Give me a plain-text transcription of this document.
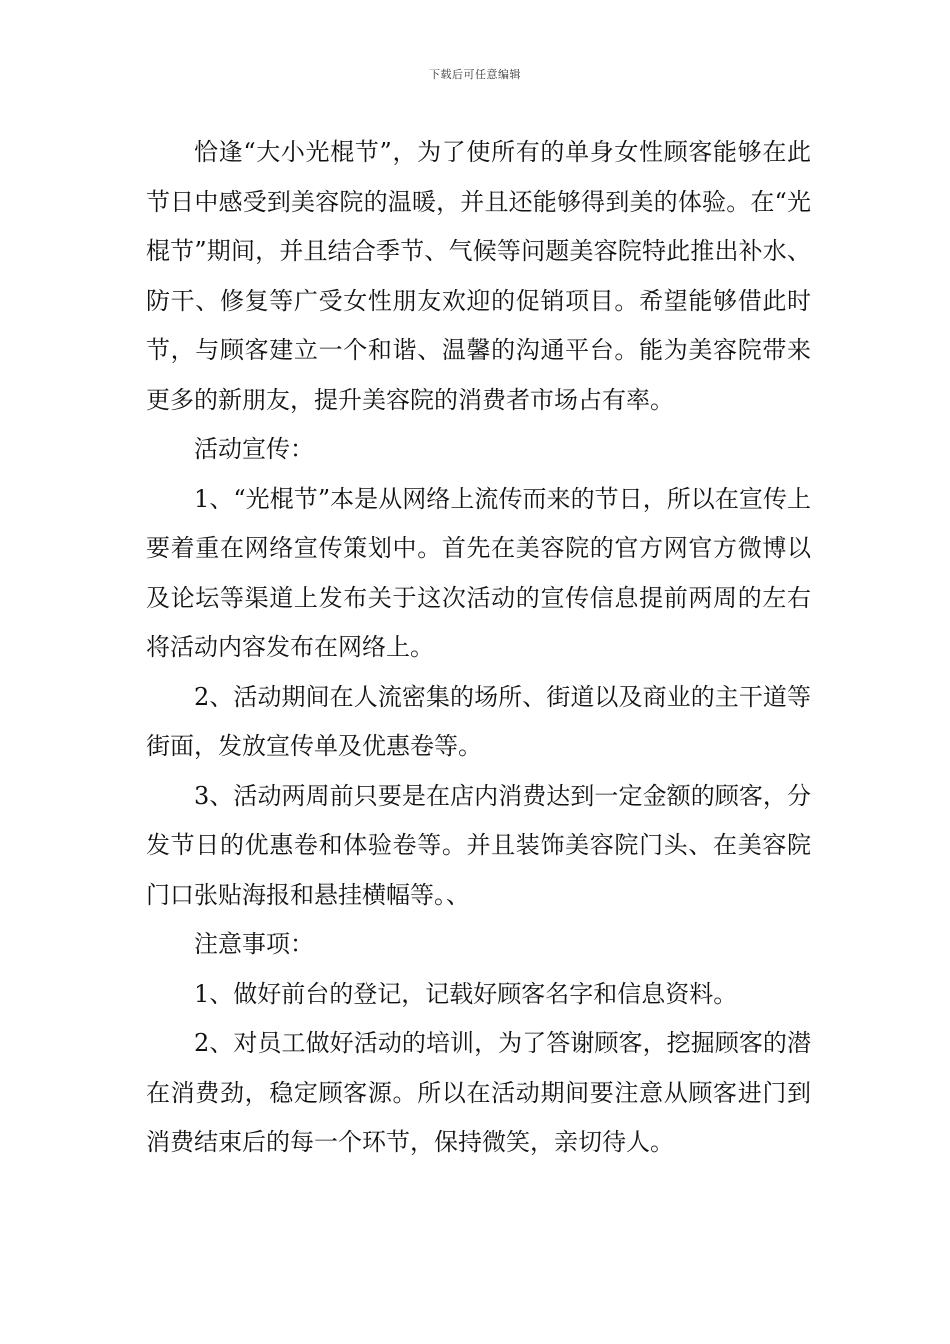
下载后可任意编辑

恰逢“大小光棍节”，为了使所有的单身女性顾客能够在此节日中感受到美容院的温暖，并且还能够得到美的体验。在“光棍节”期间，并且结合季节、气候等问题美容院特此推出补水、防干、修复等广受女性朋友欢迎的促销项目。希望能够借此时节，与顾客建立一个和谐、温馨的沟通平台。能为美容院带来更多的新朋友，提升美容院的消费者市场占有率。

活动宣传：

1、“光棍节”本是从网络上流传而来的节日，所以在宣传上要着重在网络宣传策划中。首先在美容院的官方网官方微博以及论坛等渠道上发布关于这次活动的宣传信息提前两周的左右将活动内容发布在网络上。

2、活动期间在人流密集的场所、街道以及商业的主干道等街面，发放宣传单及优惠卷等。

3、活动两周前只要是在店内消费达到一定金额的顾客，分发节日的优惠卷和体验卷等。并且装饰美容院门头、在美容院门口张贴海报和悬挂横幅等。、

注意事项：

1、做好前台的登记，记载好顾客名字和信息资料。

2、对员工做好活动的培训，为了答谢顾客，挖掘顾客的潜在消费劲，稳定顾客源。所以在活动期间要注意从顾客进门到消费结束后的每一个环节，保持微笑，亲切待人。
